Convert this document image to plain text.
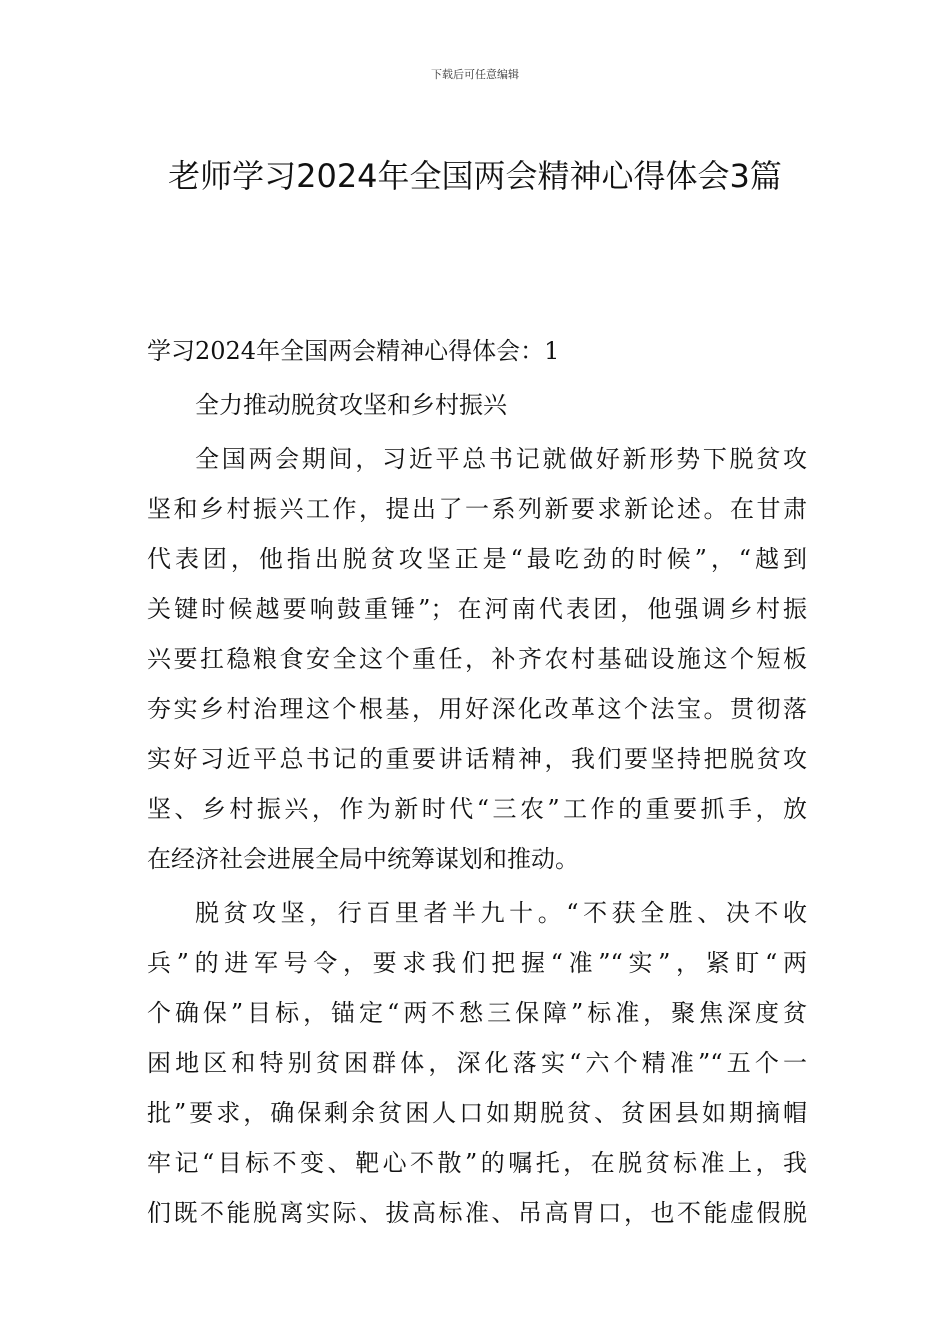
下载后可任意编辑
老师学习2024年全国两会精神心得体会3篇
学习2024年全国两会精神心得体会：1
全力推动脱贫攻坚和乡村振兴
全国两会期间，习近平总书记就做好新形势下脱贫攻
坚和乡村振兴工作，提出了一系列新要求新论述。在甘肃
代表团，他指出脱贫攻坚正是“最吃劲的时候”，“越到
关键时候越要响鼓重锤”；在河南代表团，他强调乡村振
兴要扛稳粮食安全这个重任，补齐农村基础设施这个短板
夯实乡村治理这个根基，用好深化改革这个法宝。贯彻落
实好习近平总书记的重要讲话精神，我们要坚持把脱贫攻
坚、乡村振兴，作为新时代“三农”工作的重要抓手，放
在经济社会进展全局中统筹谋划和推动。
脱贫攻坚，行百里者半九十。“不获全胜、决不收
兵”的进军号令，要求我们把握“准”“实”，紧盯“两
个确保”目标，锚定“两不愁三保障”标准，聚焦深度贫
困地区和特别贫困群体，深化落实“六个精准”“五个一
批”要求，确保剩余贫困人口如期脱贫、贫困县如期摘帽
牢记“目标不变、靶心不散”的嘱托，在脱贫标准上，我
们既不能脱离实际、拔高标准、吊高胃口，也不能虚假脱
